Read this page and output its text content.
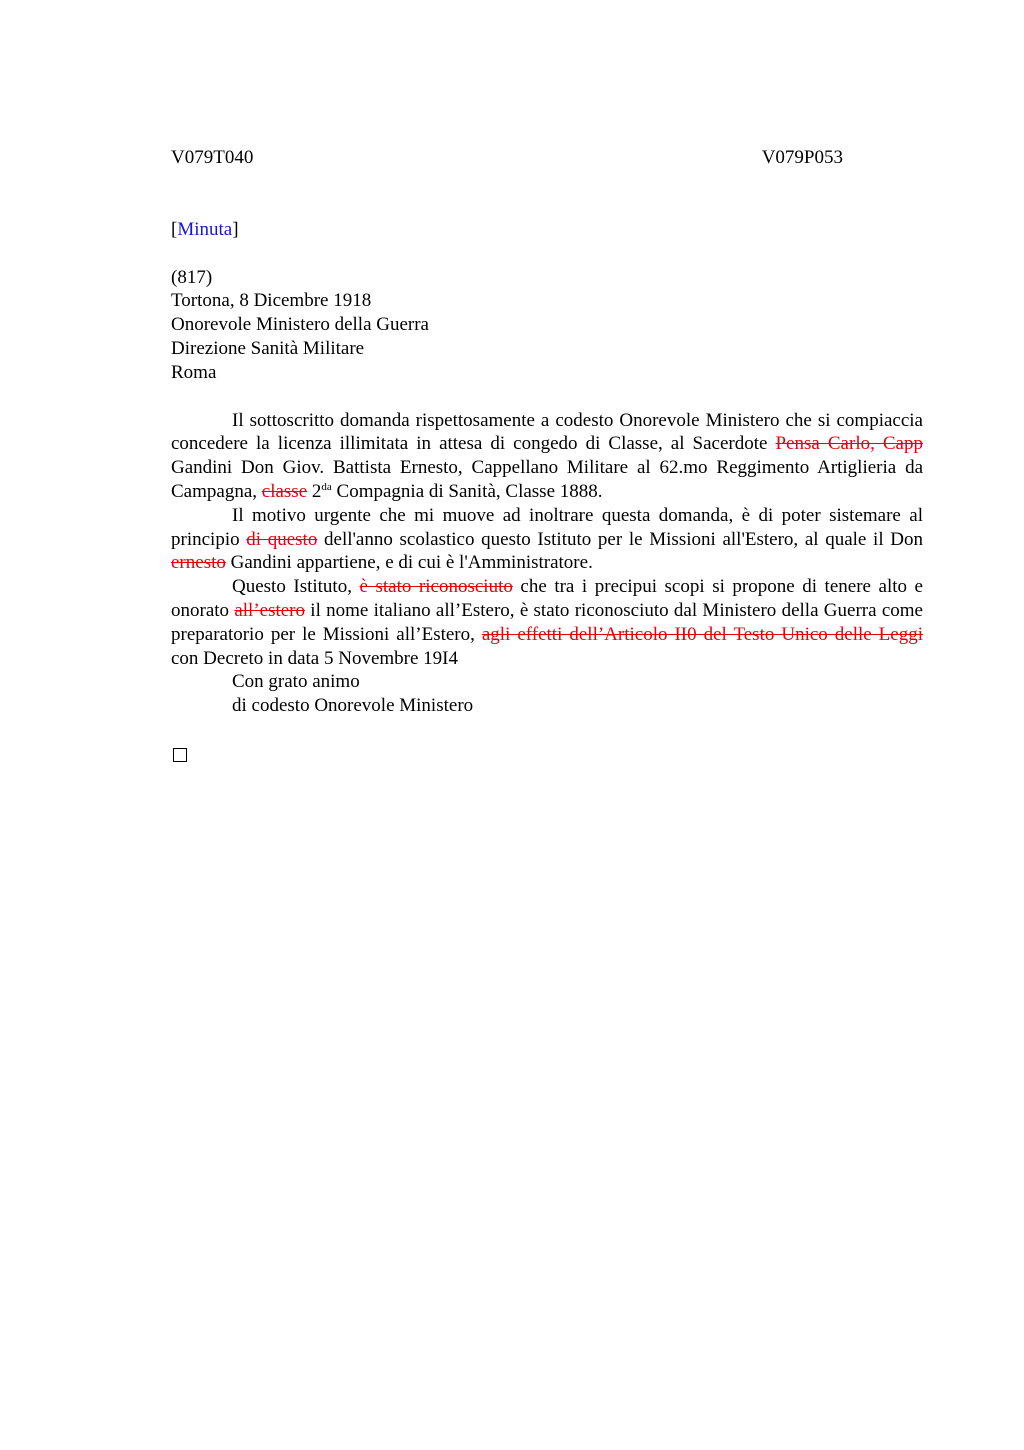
V079T040	V079P053
[Minuta]
(817)
Tortona, 8 Dicembre 1918
Onorevole Ministero della Guerra
Direzione Sanità Militare
Roma

Il sottoscritto domanda rispettosamente a codesto Onorevole Ministero che si compiaccia concedere la licenza illimitata in attesa di congedo di Classe, al Sacerdote Pensa Carlo, Capp Gandini Don Giov. Battista Ernesto, Cappellano Militare al 62.mo Reggimento Artiglieria da Campagna, classe $2^{da}$ Compagnia di Sanità, Classe 1888.

Il motivo urgente che mi muove ad inoltrare questa domanda, è di poter sistemare al principio di questo dell'anno scolastico questo Istituto per le Missioni all'Estero, al quale il Don ernesto Gandini appartiene, e di cui è l'Amministratore.

Questo Istituto, è stato riconosciuto che tra i precipui scopi si propone di tenere alto e onorato all’estero il nome italiano all’Estero, è stato riconosciuto dal Ministero della Guerra come preparatorio per le Missioni all’Estero, agli effetti dell’Articolo II0 del Testo Unico delle Leggi con Decreto in data 5 Novembre 19I4

Con grato animo
di codesto Onorevole Ministero
